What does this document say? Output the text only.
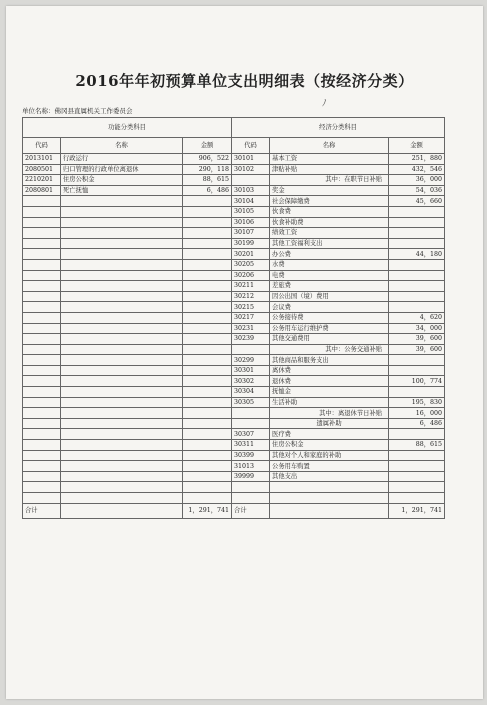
2016年年初预算单位支出明细表（按经济分类）
ﾉ
单位名称：佛冈县直属机关工作委员会
功能分类科目			经济分类科目		
代码	名称	金额	代码	名称	金额
2013101	行政运行	906，522	30101	基本工资	251，880
2080501	归口管理的行政单位离退休	290，118	30102	津贴补贴	432，546
2210201	住房公积金	88，615		其中：在职节日补贴	36，000
2080801	死亡抚恤	6，486	30103	奖金	54，036
			30104	社会保障缴费	45，660
			30105	伙食费	
			30106	伙食补助费	
			30107	绩效工资	
			30199	其他工资福利支出	
			30201	办公费	44，180
			30205	水费	
			30206	电费	
			30211	差旅费	
			30212	因公出国（境）费用	
			30215	会议费	
			30217	公务接待费	4，620
			30231	公务用车运行维护费	34，000
			30239	其他交通费用	39，600
				其中：公务交通补贴	39，600
			30299	其他商品和服务支出	
			30301	离休费	
			30302	退休费	100，774
			30304	抚恤金	
			30305	生活补助	195，830
				其中：离退休节日补贴	16，000
				遗属补助	6，486
			30307	医疗费	
			30311	住房公积金	88，615
			30399	其他对个人和家庭的补助	
			31013	公务用车购置	
			39999	其他支出	

合计		1，291，741	合计		1，291，741
